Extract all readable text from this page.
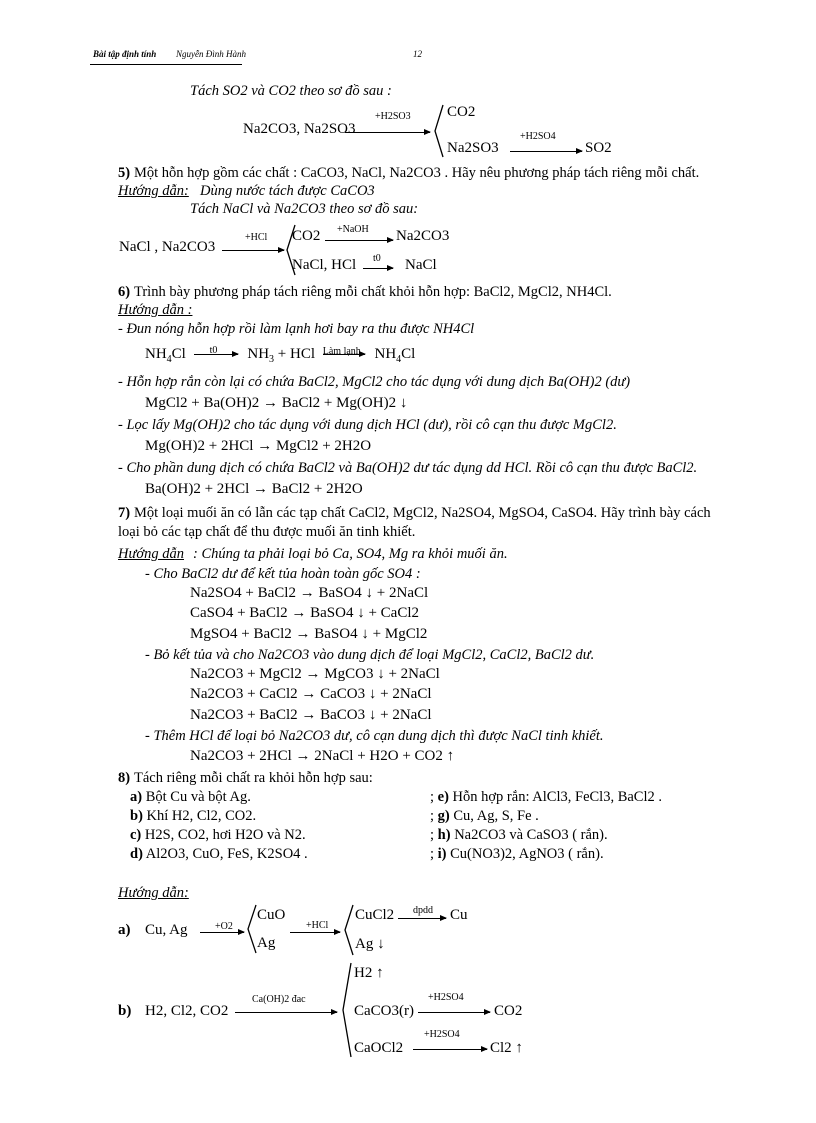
Bài tập định tính Nguyễn Đình Hành	12
Tách SO2 và CO2 theo sơ đồ sau :
Na2CO3, Na2SO3
+H2SO3 CO2
Na2SO3
+H2SO4
SO2
5) Một hỗn hợp gồm các chất : CaCO3, NaCl, Na2CO3 . Hãy nêu phương pháp tách riêng mỗi chất.
Hướng dẫn: Dùng nước tách được CaCO3
Tách NaCl và Na2CO3 theo sơ đồ sau:
NaCl , Na2CO3
+HCl CO2 +NaOH Na2CO3
NaCl, HCl t0 NaCl
6) Trình bày phương pháp tách riêng mỗi chất khỏi hỗn hợp: BaCl2, MgCl2, NH4Cl.
Hướng dẫn :
- Đun nóng hỗn hợp rồi làm lạnh hơi bay ra thu được NH4Cl
$NH_4Cl$ t0 $NH_3$ + HCl Làm lạnh $NH_4Cl$
- Hỗn hợp rắn còn lại có chứa BaCl2, MgCl2 cho tác dụng với dung dịch Ba(OH)2 (dư)
MgCl2 + Ba(OH)2 → BaCl2 + Mg(OH)2 ↓
- Lọc lấy Mg(OH)2 cho tác dụng với dung dịch HCl (dư), rồi cô cạn thu được MgCl2.
Mg(OH)2 + 2HCl → MgCl2 + 2H2O
- Cho phần dung dịch có chứa BaCl2 và Ba(OH)2 dư tác dụng dd HCl. Rồi cô cạn thu được BaCl2.
Ba(OH)2 + 2HCl → BaCl2 + 2H2O
7) Một loại muối ăn có lẫn các tạp chất CaCl2, MgCl2, Na2SO4, MgSO4, CaSO4. Hãy trình bày cách
loại bỏ các tạp chất để thu được muối ăn tinh khiết.
Hướng dẫn : Chúng ta phải loại bỏ Ca, SO4, Mg ra khỏi muối ăn.
- Cho BaCl2 dư để kết tủa hoàn toàn gốc SO4 :
Na2SO4 + BaCl2 → BaSO4 ↓ + 2NaCl
CaSO4 + BaCl2 → BaSO4 ↓ + CaCl2
MgSO4 + BaCl2 → BaSO4 ↓ + MgCl2
- Bỏ kết tủa và cho Na2CO3 vào dung dịch để loại MgCl2, CaCl2, BaCl2 dư.
Na2CO3 + MgCl2 → MgCO3 ↓ + 2NaCl
Na2CO3 + CaCl2 → CaCO3 ↓ + 2NaCl
Na2CO3 + BaCl2 → BaCO3 ↓ + 2NaCl
- Thêm HCl để loại bỏ Na2CO3 dư, cô cạn dung dịch thì được NaCl tinh khiết.
Na2CO3 + 2HCl → 2NaCl + H2O + CO2 ↑
8) Tách riêng mỗi chất ra khỏi hỗn hợp sau:
a) Bột Cu và bột Ag.
b) Khí H2, Cl2, CO2.
c) H2S, CO2, hơi H2O và N2.
d) Al2O3, CuO, FeS, K2SO4 .
; e) Hỗn hợp rắn: AlCl3, FeCl3, BaCl2 .
; g) Cu, Ag, S, Fe .
; h) Na2CO3 và CaSO3 ( rắn).
; i) Cu(NO3)2, AgNO3 ( rắn).
Hướng dẫn:
a) Cu, Ag	+O2
CuO
Ag
+HCl
CuCl2
Ag ↓
dpdd Cu
b) H2, Cl2, CO2
Ca(OH)2 đac
H2 ↑
CaCO3(r)
+H2SO4
CO2
CaOCl2
+H2SO4
Cl2 ↑
